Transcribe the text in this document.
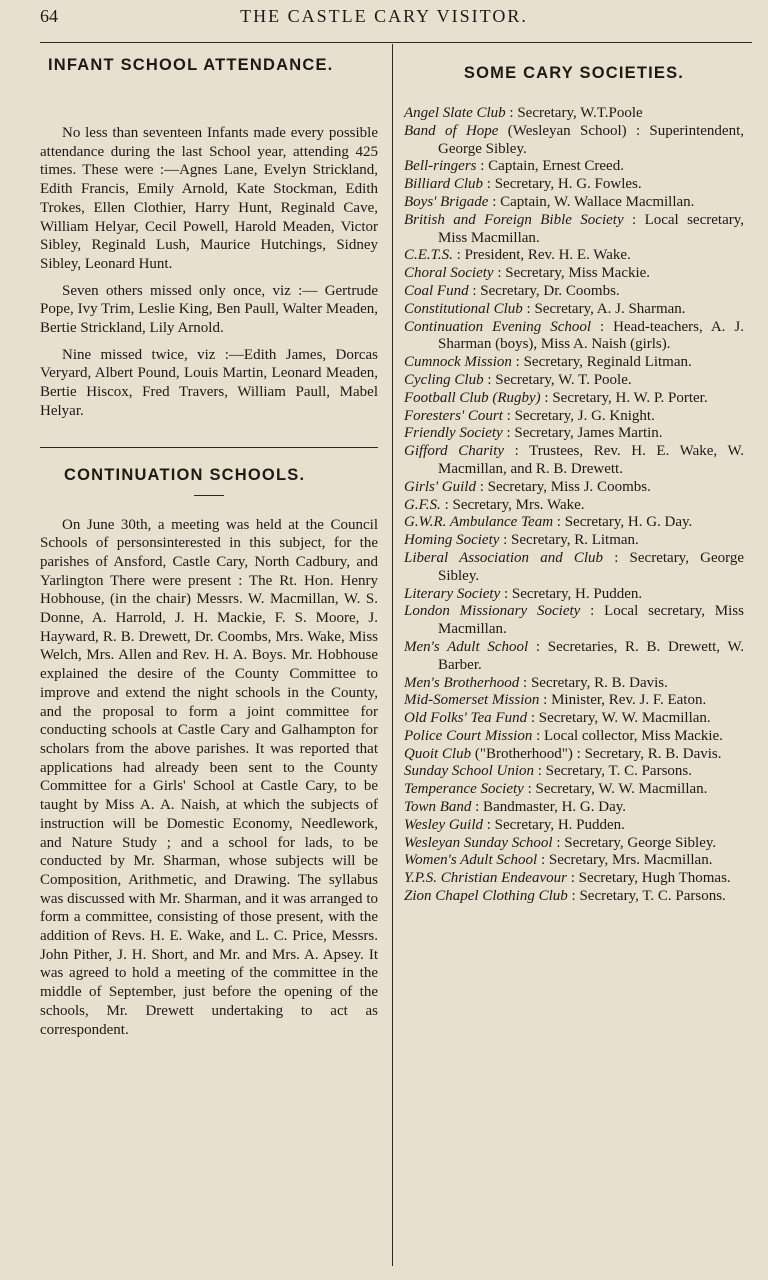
64	THE CASTLE CARY VISITOR.
INFANT SCHOOL ATTENDANCE.

No less than seventeen Infants made every possible attendance during the last School year, attending 425 times. These were :—Agnes Lane, Evelyn Strickland, Edith Francis, Emily Arnold, Kate Stockman, Edith Trokes, Ellen Clothier, Harry Hunt, Reginald Cave, William Helyar, Cecil Powell, Harold Meaden, Victor Sibley, Reginald Lush, Maurice Hutchings, Sidney Sibley, Leonard Hunt.

Seven others missed only once, viz :— Gertrude Pope, Ivy Trim, Leslie King, Ben Paull, Walter Meaden, Bertie Strickland, Lily Arnold.

Nine missed twice, viz :—Edith James, Dorcas Veryard, Albert Pound, Louis Martin, Leonard Meaden, Bertie Hiscox, Fred Travers, William Paull, Mabel Helyar.

CONTINUATION SCHOOLS.

On June 30th, a meeting was held at the Council Schools of personsinterested in this subject, for the parishes of Ansford, Castle Cary, North Cadbury, and Yarlington There were present : The Rt. Hon. Henry Hobhouse, (in the chair) Messrs. W. Macmillan, W. S. Donne, A. Harrold, J. H. Mackie, F. S. Moore, J. Hayward, R. B. Drewett, Dr. Coombs, Mrs. Wake, Miss Welch, Mrs. Allen and Rev. H. A. Boys. Mr. Hobhouse explained the desire of the County Committee to improve and extend the night schools in the County, and the proposal to form a joint committee for conducting schools at Castle Cary and Galhampton for scholars from the above parishes. It was reported that applications had already been sent to the County Committee for a Girls' School at Castle Cary, to be taught by Miss A. A. Naish, at which the subjects of instruction will be Domestic Economy, Needlework, and Nature Study ; and a school for lads, to be conducted by Mr. Sharman, whose subjects will be Composition, Arithmetic, and Drawing. The syllabus was discussed with Mr. Sharman, and it was arranged to form a committee, consisting of those present, with the addition of Revs. H. E. Wake, and L. C. Price, Messrs. John Pither, J. H. Short, and Mr. and Mrs. A. Apsey. It was agreed to hold a meeting of the committee in the middle of September, just before the opening of the schools, Mr. Drewett undertaking to act as correspondent.

SOME CARY SOCIETIES.
Angel Slate Club : Secretary, W.T.Poole
Band of Hope (Wesleyan School) : Superintendent, George Sibley.
Bell-ringers : Captain, Ernest Creed.
Billiard Club : Secretary, H. G. Fowles.
Boys' Brigade : Captain, W. Wallace Macmillan.
British and Foreign Bible Society : Local secretary, Miss Macmillan.
C.E.T.S. : President, Rev. H. E. Wake.
Choral Society : Secretary, Miss Mackie.
Coal Fund : Secretary, Dr. Coombs.
Constitutional Club : Secretary, A. J. Sharman.
Continuation Evening School : Head-teachers, A. J. Sharman (boys), Miss A. Naish (girls).
Cumnock Mission : Secretary, Reginald Litman.
Cycling Club : Secretary, W. T. Poole.
Football Club (Rugby) : Secretary, H. W. P. Porter.
Foresters' Court : Secretary, J. G. Knight.
Friendly Society : Secretary, James Martin.
Gifford Charity : Trustees, Rev. H. E. Wake, W. Macmillan, and R. B. Drewett.
Girls' Guild : Secretary, Miss J. Coombs.
G.F.S. : Secretary, Mrs. Wake.
G.W.R. Ambulance Team : Secretary, H. G. Day.
Homing Society : Secretary, R. Litman.
Liberal Association and Club : Secretary, George Sibley.
Literary Society : Secretary, H. Pudden.
London Missionary Society : Local secretary, Miss Macmillan.
Men's Adult School : Secretaries, R. B. Drewett, W. Barber.
Men's Brotherhood : Secretary, R. B. Davis.
Mid-Somerset Mission : Minister, Rev. J. F. Eaton.
Old Folks' Tea Fund : Secretary, W. W. Macmillan.
Police Court Mission : Local collector, Miss Mackie.
Quoit Club ("Brotherhood") : Secretary, R. B. Davis.
Sunday School Union : Secretary, T. C. Parsons.
Temperance Society : Secretary, W. W. Macmillan.
Town Band : Bandmaster, H. G. Day.
Wesley Guild : Secretary, H. Pudden.
Wesleyan Sunday School : Secretary, George Sibley.
Women's Adult School : Secretary, Mrs. Macmillan.
Y.P.S. Christian Endeavour : Secretary, Hugh Thomas.
Zion Chapel Clothing Club : Secretary, T. C. Parsons.
